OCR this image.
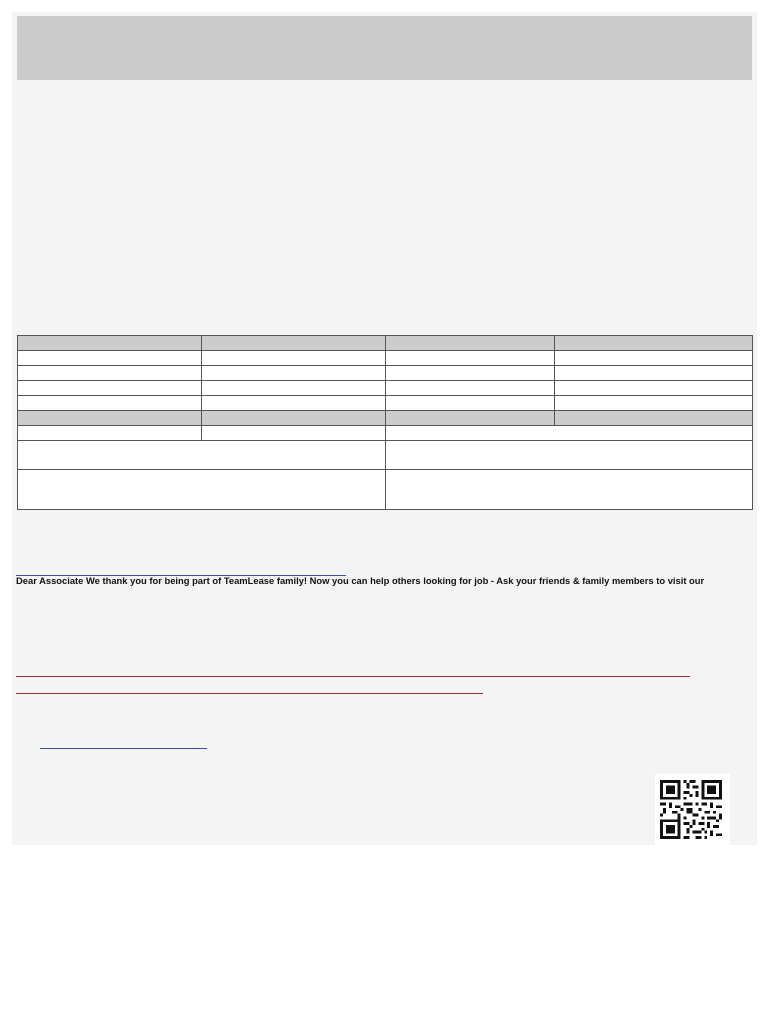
Dear Associate We thank you for being part of TeamLease family! Now you can help others looking for job - Ask your friends & family members to visit our
